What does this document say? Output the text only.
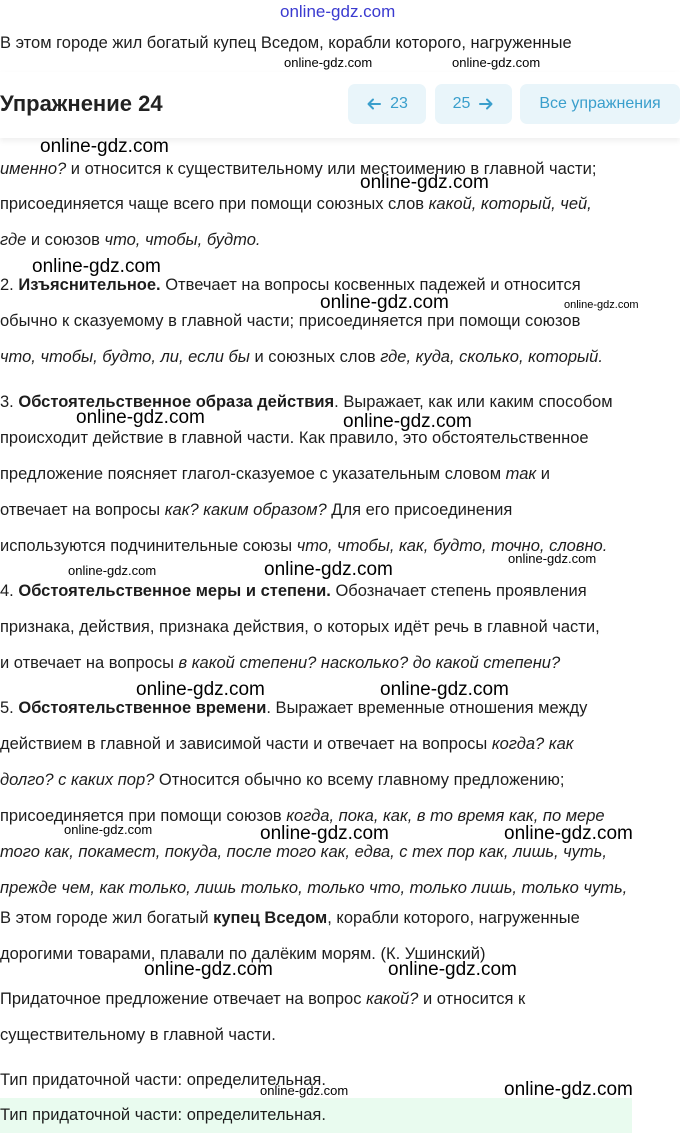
online-gdz.com
В этом городе жил богатый купец Вседом, корабли которого, нагруженные
Упражнение 24	23	25	Все упражнения
именно? и относится к существительному или местоимению в главной части;
присоединяется чаще всего при помощи союзных слов какой, который, чей,
где и союзов что, чтобы, будто.
2. Изъяснительное. Отвечает на вопросы косвенных падежей и относится
обычно к сказуемому в главной части; присоединяется при помощи союзов
что, чтобы, будто, ли, если бы и союзных слов где, куда, сколько, который.
3. Обстоятельственное образа действия. Выражает, как или каким способом
происходит действие в главной части. Как правило, это обстоятельственное
предложение поясняет глагол-сказуемое с указательным словом так и
отвечает на вопросы как? каким образом? Для его присоединения
используются подчинительные союзы что, чтобы, как, будто, точно, словно.
4. Обстоятельственное меры и степени. Обозначает степень проявления
признака, действия, признака действия, о которых идёт речь в главной части,
и отвечает на вопросы в какой степени? насколько? до какой степени?
5. Обстоятельственное времени. Выражает временные отношения между
действием в главной и зависимой части и отвечает на вопросы когда? как
долго? с каких пор? Относится обычно ко всему главному предложению;
присоединяется при помощи союзов когда, пока, как, в то время как, по мере
того как, покамест, покуда, после того как, едва, с тех пор как, лишь, чуть,
прежде чем, как только, лишь только, только что, только лишь, только чуть,
В этом городе жил богатый купец Вседом, корабли которого, нагруженные
дорогими товарами, плавали по далёким морям. (К. Ушинский)
Придаточное предложение отвечает на вопрос какой? и относится к
существительному в главной части.
Тип придаточной части: определительная.
Тип придаточной части: определительная.
online-gdz.com	online-gdz.com
online-gdz.com
online-gdz.com
online-gdz.com
online-gdz.com	online-gdz.com
online-gdz.com	online-gdz.com
online-gdz.com
online-gdz.com	online-gdz.com
online-gdz.com	online-gdz.com
online-gdz.com	online-gdz.com	online-gdz.com
online-gdz.com	online-gdz.com
online-gdz.com	online-gdz.com
